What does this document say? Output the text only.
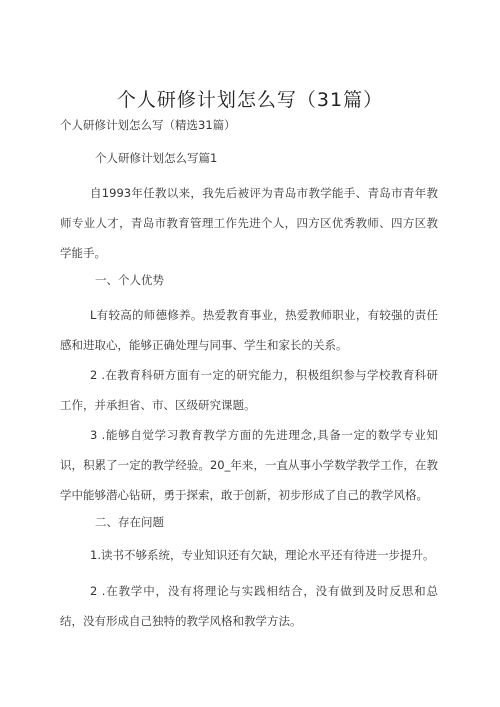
个人研修计划怎么写（31篇）
个人研修计划怎么写（精选31篇）
个人研修计划怎么写篇1
自1993年任教以来，我先后被评为青岛市教学能手、青岛市青年教师专业人才，青岛市教育管理工作先进个人，四方区优秀教师、四方区教学能手。
一、个人优势
L有较高的师德修养。热爱教育事业，热爱教师职业，有较强的责任感和进取心，能够正确处理与同事、学生和家长的关系。
2 .在教育科研方面有一定的研究能力，积极组织参与学校教育科研工作，并承担省、市、区级研究课题。
3 .能够自觉学习教育教学方面的先进理念,具备一定的数学专业知识，积累了一定的教学经验。20_年来，一直从事小学数学教学工作，在教学中能够潜心钻研，勇于探索，敢于创新，初步形成了自己的教学风格。
二、存在问题
1.读书不够系统，专业知识还有欠缺，理论水平还有待进一步提升。
2 .在教学中，没有将理论与实践相结合，没有做到及时反思和总结，没有形成自己独特的教学风格和教学方法。
